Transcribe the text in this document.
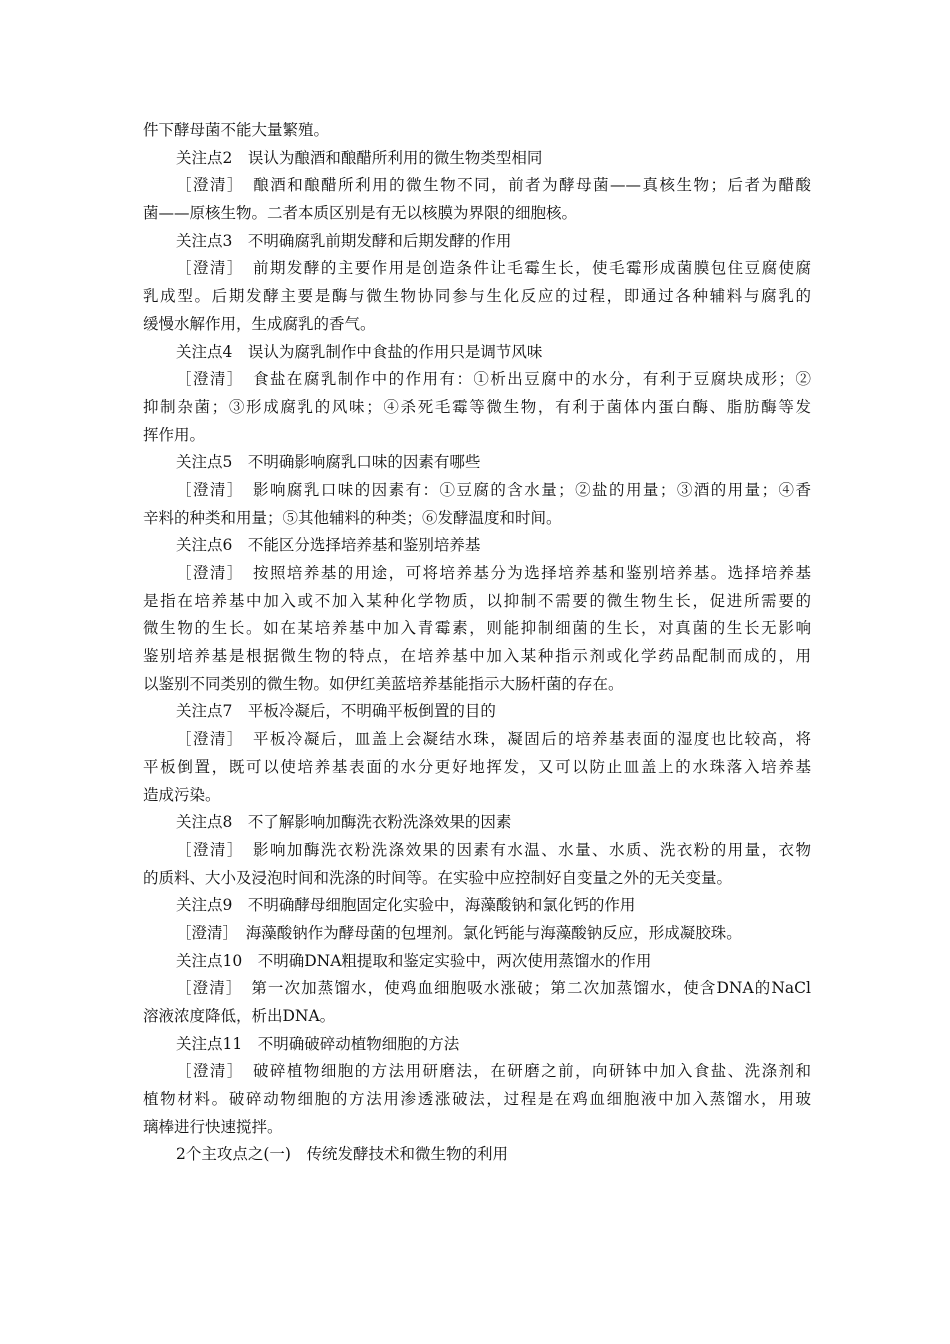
件下酵母菌不能大量繁殖。
关注点2　误认为酿酒和酿醋所利用的微生物类型相同
［澄清］　酿酒和酿醋所利用的微生物不同，前者为酵母菌——真核生物；后者为醋酸
菌——原核生物。二者本质区别是有无以核膜为界限的细胞核。
关注点3　不明确腐乳前期发酵和后期发酵的作用
［澄清］　前期发酵的主要作用是创造条件让毛霉生长，使毛霉形成菌膜包住豆腐使腐
乳成型。后期发酵主要是酶与微生物协同参与生化反应的过程，即通过各种辅料与腐乳的
缓慢水解作用，生成腐乳的香气。
关注点4　误认为腐乳制作中食盐的作用只是调节风味
［澄清］　食盐在腐乳制作中的作用有：①析出豆腐中的水分，有利于豆腐块成形；②
抑制杂菌；③形成腐乳的风味；④杀死毛霉等微生物，有利于菌体内蛋白酶、脂肪酶等发
挥作用。
关注点5　不明确影响腐乳口味的因素有哪些
［澄清］　影响腐乳口味的因素有：①豆腐的含水量；②盐的用量；③酒的用量；④香
辛料的种类和用量；⑤其他辅料的种类；⑥发酵温度和时间。
关注点6　不能区分选择培养基和鉴别培养基
［澄清］　按照培养基的用途，可将培养基分为选择培养基和鉴别培养基。选择培养基
是指在培养基中加入或不加入某种化学物质，以抑制不需要的微生物生长，促进所需要的
微生物的生长。如在某培养基中加入青霉素，则能抑制细菌的生长，对真菌的生长无影响
鉴别培养基是根据微生物的特点，在培养基中加入某种指示剂或化学药品配制而成的，用
以鉴别不同类别的微生物。如伊红美蓝培养基能指示大肠杆菌的存在。
关注点7　平板冷凝后，不明确平板倒置的目的
［澄清］　平板冷凝后，皿盖上会凝结水珠，凝固后的培养基表面的湿度也比较高，将
平板倒置，既可以使培养基表面的水分更好地挥发，又可以防止皿盖上的水珠落入培养基
造成污染。
关注点8　不了解影响加酶洗衣粉洗涤效果的因素
［澄清］　影响加酶洗衣粉洗涤效果的因素有水温、水量、水质、洗衣粉的用量，衣物
的质料、大小及浸泡时间和洗涤的时间等。在实验中应控制好自变量之外的无关变量。
关注点9　不明确酵母细胞固定化实验中，海藻酸钠和氯化钙的作用
［澄清］　海藻酸钠作为酵母菌的包埋剂。氯化钙能与海藻酸钠反应，形成凝胶珠。
关注点10　不明确DNA粗提取和鉴定实验中，两次使用蒸馏水的作用
［澄清］　第一次加蒸馏水，使鸡血细胞吸水涨破；第二次加蒸馏水，使含DNA的NaCl
溶液浓度降低，析出DNA。
关注点11　不明确破碎动植物细胞的方法
［澄清］　破碎植物细胞的方法用研磨法，在研磨之前，向研钵中加入食盐、洗涤剂和
植物材料。破碎动物细胞的方法用渗透涨破法，过程是在鸡血细胞液中加入蒸馏水，用玻
璃棒进行快速搅拌。
2个主攻点之(一)　传统发酵技术和微生物的利用
